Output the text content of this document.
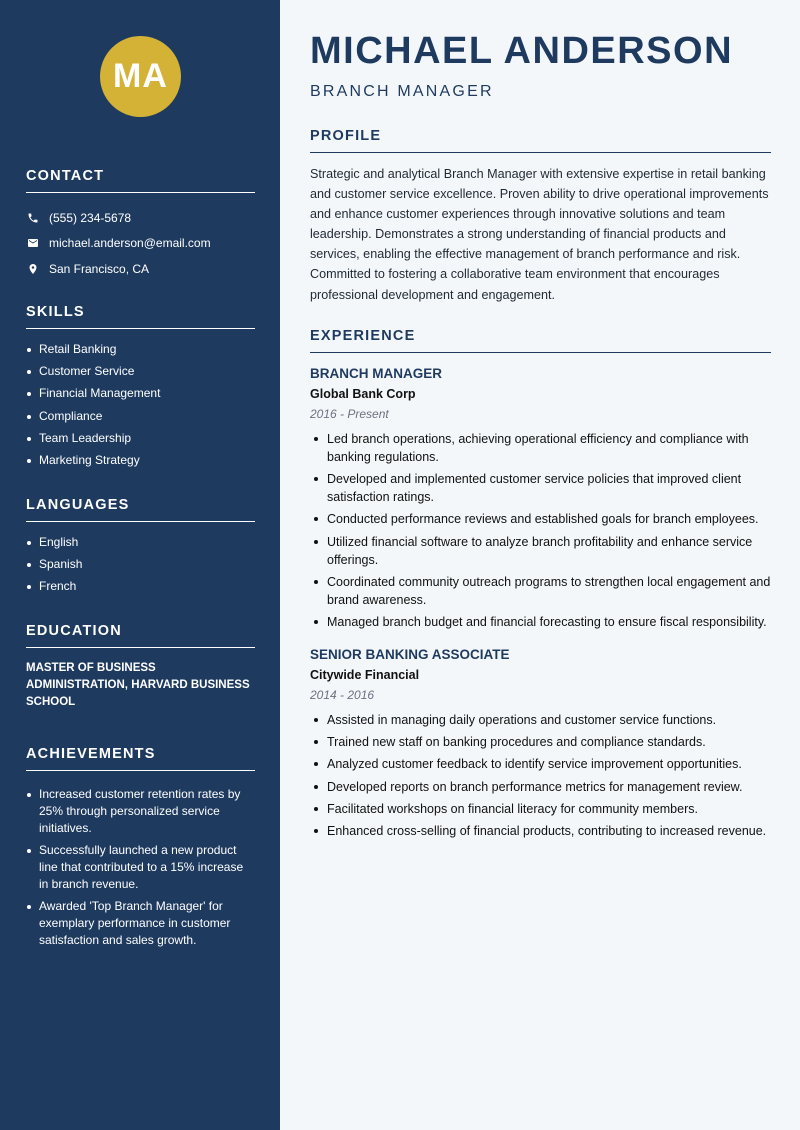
MA
CONTACT
(555) 234-5678
michael.anderson@email.com
San Francisco, CA
SKILLS
Retail Banking
Customer Service
Financial Management
Compliance
Team Leadership
Marketing Strategy
LANGUAGES
English
Spanish
French
EDUCATION

MASTER OF BUSINESS ADMINISTRATION, HARVARD BUSINESS SCHOOL

ACHIEVEMENTS
Increased customer retention rates by 25% through personalized service initiatives.
Successfully launched a new product line that contributed to a 15% increase in branch revenue.
Awarded 'Top Branch Manager' for exemplary performance in customer satisfaction and sales growth.
MICHAEL ANDERSON
BRANCH MANAGER
PROFILE

Strategic and analytical Branch Manager with extensive expertise in retail banking and customer service excellence. Proven ability to drive operational improvements and enhance customer experiences through innovative solutions and team leadership. Demonstrates a strong understanding of financial products and services, enabling the effective management of branch performance and risk. Committed to fostering a collaborative team environment that encourages professional development and engagement.

EXPERIENCE
BRANCH MANAGER
Global Bank Corp
2016 - Present
Led branch operations, achieving operational efficiency and compliance with banking regulations.
Developed and implemented customer service policies that improved client satisfaction ratings.
Conducted performance reviews and established goals for branch employees.
Utilized financial software to analyze branch profitability and enhance service offerings.
Coordinated community outreach programs to strengthen local engagement and brand awareness.
Managed branch budget and financial forecasting to ensure fiscal responsibility.
SENIOR BANKING ASSOCIATE
Citywide Financial
2014 - 2016
Assisted in managing daily operations and customer service functions.
Trained new staff on banking procedures and compliance standards.
Analyzed customer feedback to identify service improvement opportunities.
Developed reports on branch performance metrics for management review.
Facilitated workshops on financial literacy for community members.
Enhanced cross-selling of financial products, contributing to increased revenue.
